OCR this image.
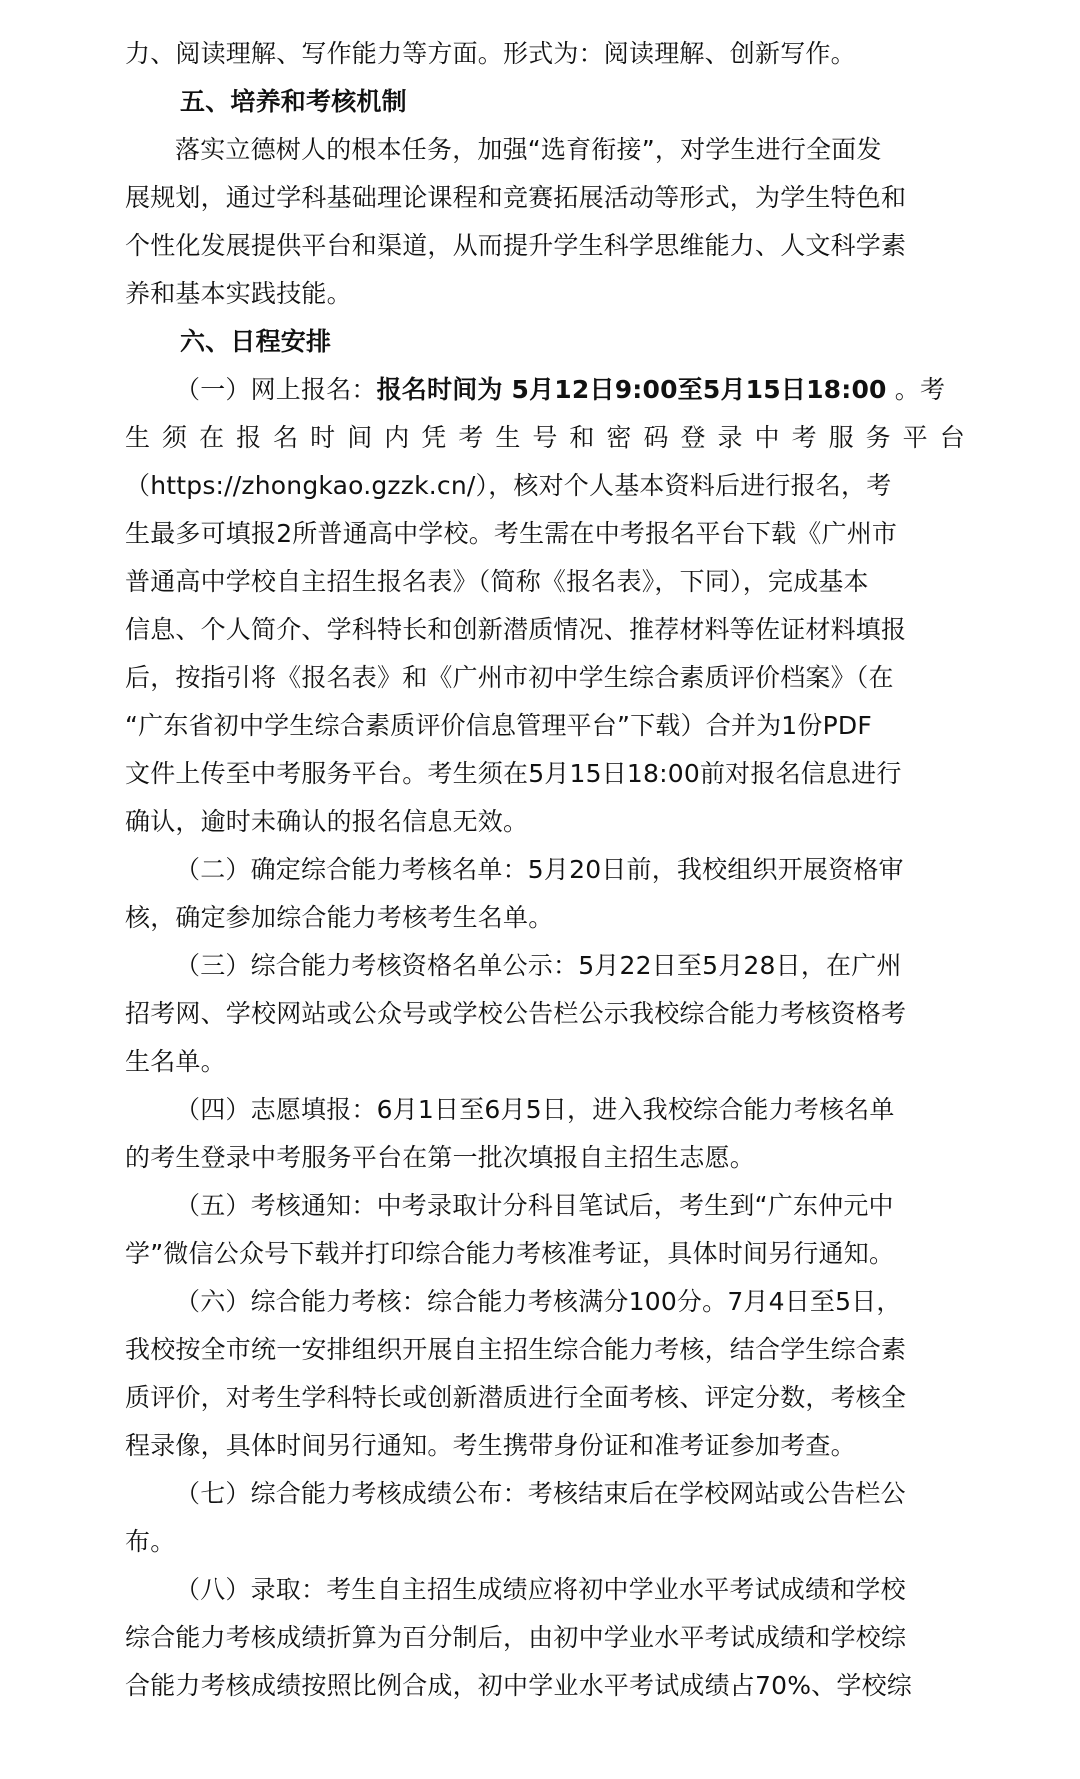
力、阅读理解、写作能力等方面。形式为：阅读理解、创新写作。
五、培养和考核机制
落实立德树人的根本任务，加强“选育衔接”，对学生进行全面发
展规划，通过学科基础理论课程和竞赛拓展活动等形式，为学生特色和
个性化发展提供平台和渠道，从而提升学生科学思维能力、人文科学素
养和基本实践技能。
六、日程安排
（一）网上报名：报名时间为 5月12日9:00至5月15日18:00 。考
生 须 在 报 名 时 间 内 凭 考 生 号 和 密 码 登 录 中 考 服 务 平 台
（https://zhongkao.gzzk.cn/），核对个人基本资料后进行报名，考
生最多可填报2所普通高中学校。考生需在中考报名平台下载《广州市
普通高中学校自主招生报名表》（简称《报名表》，下同），完成基本
信息、个人简介、学科特长和创新潜质情况、推荐材料等佐证材料填报
后，按指引将《报名表》和《广州市初中学生综合素质评价档案》（在
“广东省初中学生综合素质评价信息管理平台”下载）合并为1份PDF
文件上传至中考服务平台。考生须在5月15日18:00前对报名信息进行
确认，逾时未确认的报名信息无效。
（二）确定综合能力考核名单：5月20日前，我校组织开展资格审
核，确定参加综合能力考核考生名单。
（三）综合能力考核资格名单公示：5月22日至5月28日，在广州
招考网、学校网站或公众号或学校公告栏公示我校综合能力考核资格考
生名单。
（四）志愿填报：6月1日至6月5日，进入我校综合能力考核名单
的考生登录中考服务平台在第一批次填报自主招生志愿。
（五）考核通知：中考录取计分科目笔试后，考生到“广东仲元中
学”微信公众号下载并打印综合能力考核准考证，具体时间另行通知。
（六）综合能力考核：综合能力考核满分100分。7月4日至5日，
我校按全市统一安排组织开展自主招生综合能力考核，结合学生综合素
质评价，对考生学科特长或创新潜质进行全面考核、评定分数，考核全
程录像，具体时间另行通知。考生携带身份证和准考证参加考查。
（七）综合能力考核成绩公布：考核结束后在学校网站或公告栏公
布。
（八）录取：考生自主招生成绩应将初中学业水平考试成绩和学校
综合能力考核成绩折算为百分制后，由初中学业水平考试成绩和学校综
合能力考核成绩按照比例合成，初中学业水平考试成绩占70%、学校综
